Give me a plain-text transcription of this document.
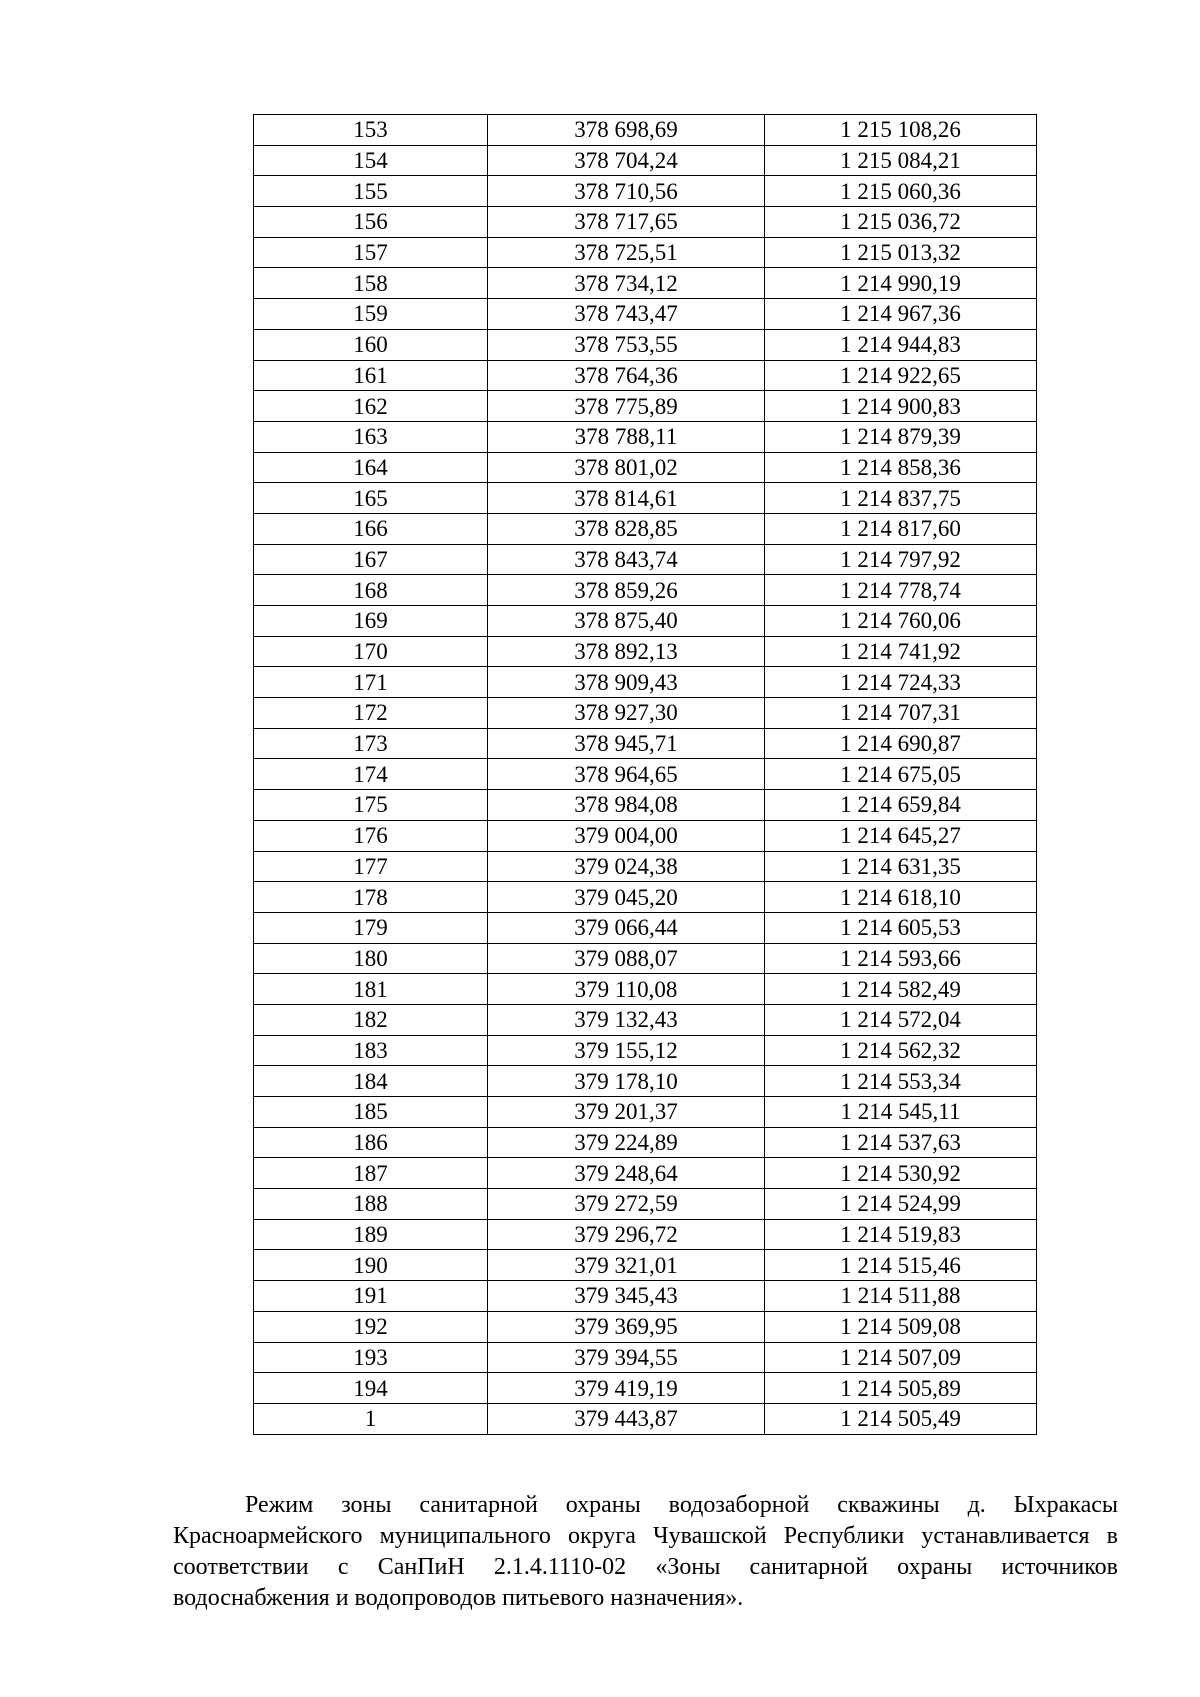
153	378 698,69	1 215 108,26
154	378 704,24	1 215 084,21
155	378 710,56	1 215 060,36
156	378 717,65	1 215 036,72
157	378 725,51	1 215 013,32
158	378 734,12	1 214 990,19
159	378 743,47	1 214 967,36
160	378 753,55	1 214 944,83
161	378 764,36	1 214 922,65
162	378 775,89	1 214 900,83
163	378 788,11	1 214 879,39
164	378 801,02	1 214 858,36
165	378 814,61	1 214 837,75
166	378 828,85	1 214 817,60
167	378 843,74	1 214 797,92
168	378 859,26	1 214 778,74
169	378 875,40	1 214 760,06
170	378 892,13	1 214 741,92
171	378 909,43	1 214 724,33
172	378 927,30	1 214 707,31
173	378 945,71	1 214 690,87
174	378 964,65	1 214 675,05
175	378 984,08	1 214 659,84
176	379 004,00	1 214 645,27
177	379 024,38	1 214 631,35
178	379 045,20	1 214 618,10
179	379 066,44	1 214 605,53
180	379 088,07	1 214 593,66
181	379 110,08	1 214 582,49
182	379 132,43	1 214 572,04
183	379 155,12	1 214 562,32
184	379 178,10	1 214 553,34
185	379 201,37	1 214 545,11
186	379 224,89	1 214 537,63
187	379 248,64	1 214 530,92
188	379 272,59	1 214 524,99
189	379 296,72	1 214 519,83
190	379 321,01	1 214 515,46
191	379 345,43	1 214 511,88
192	379 369,95	1 214 509,08
193	379 394,55	1 214 507,09
194	379 419,19	1 214 505,89
1	379 443,87	1 214 505,49

Режим зоны санитарной охраны водозаборной скважины д. Ыхракасы Красноармейского муниципального округа Чувашской Республики устанавливается в соответствии с СанПиН 2.1.4.1110-02 «Зоны санитарной охраны источников водоснабжения и водопроводов питьевого назначения».
